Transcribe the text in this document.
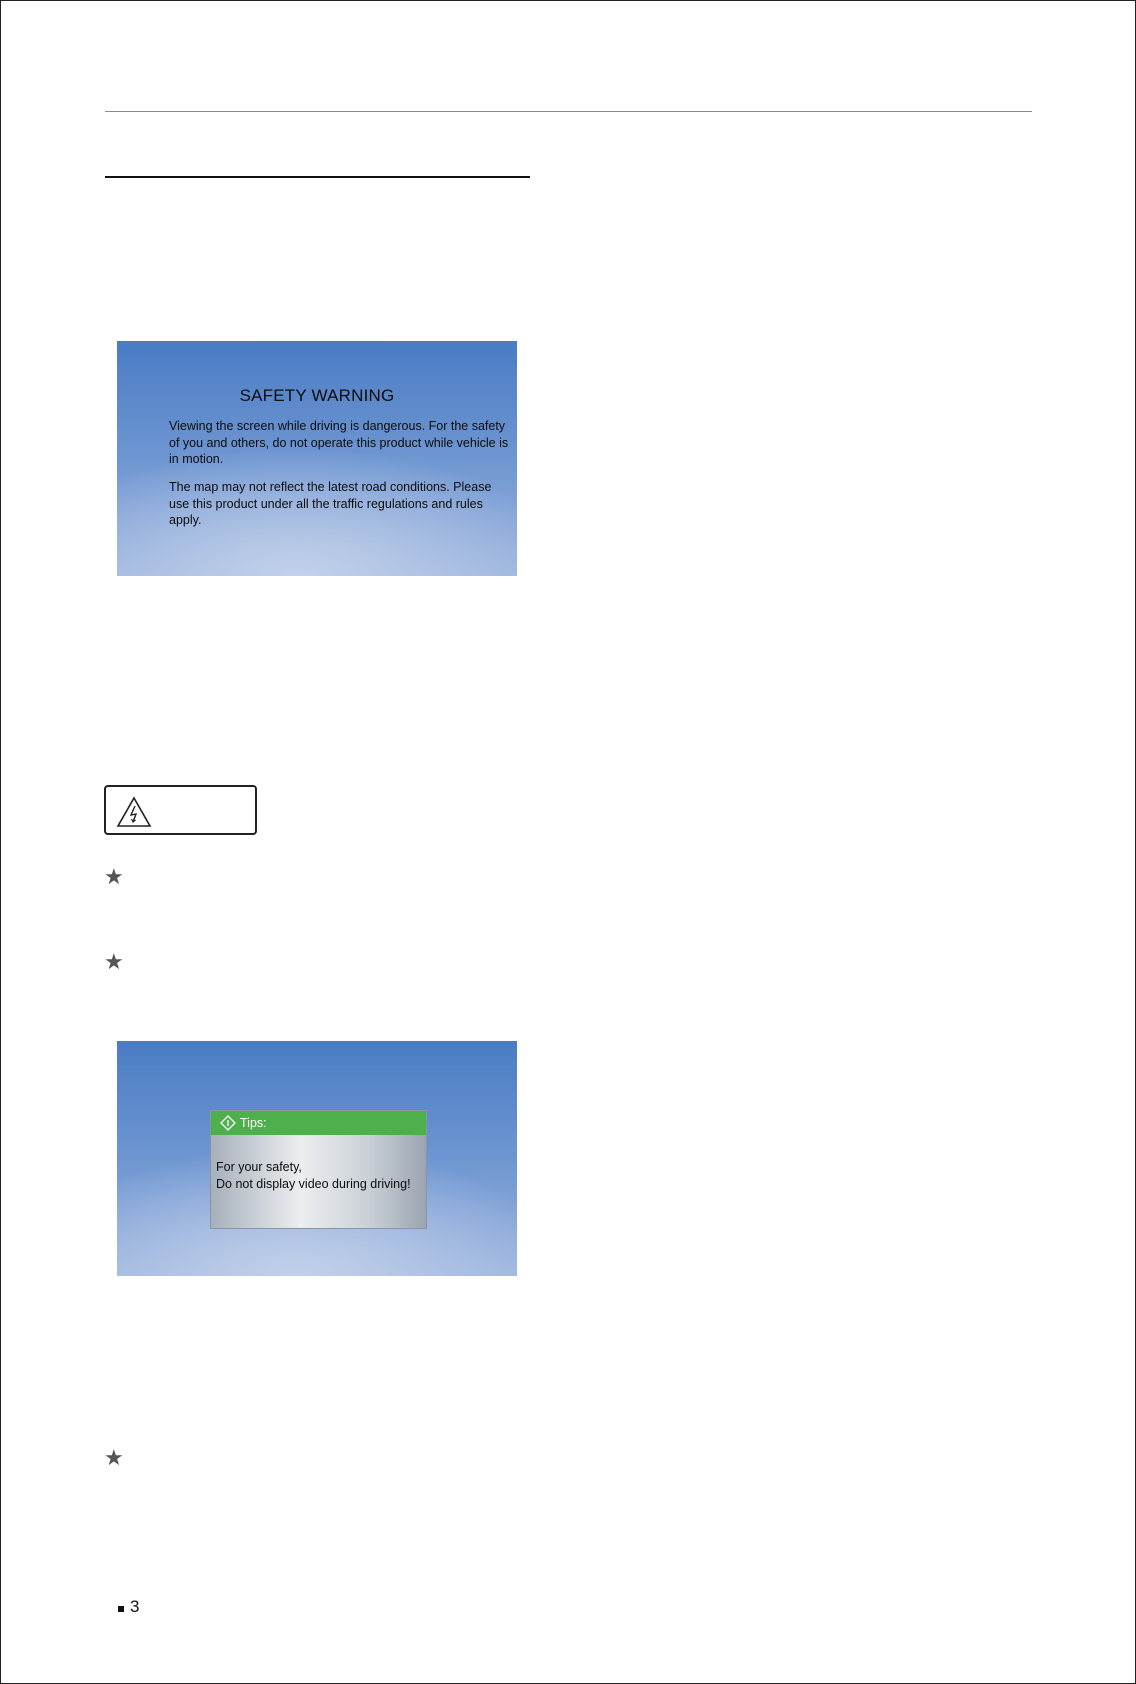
SAFETY WARNING
Viewing the screen while driving is dangerous. For the safety of you and others, do not operate this product while vehicle is in motion.
The map may not reflect the latest road conditions. Please use this product under all the traffic regulations and rules apply.
★
★
Tips:
For your safety,
Do not display video during driving!
★
3
